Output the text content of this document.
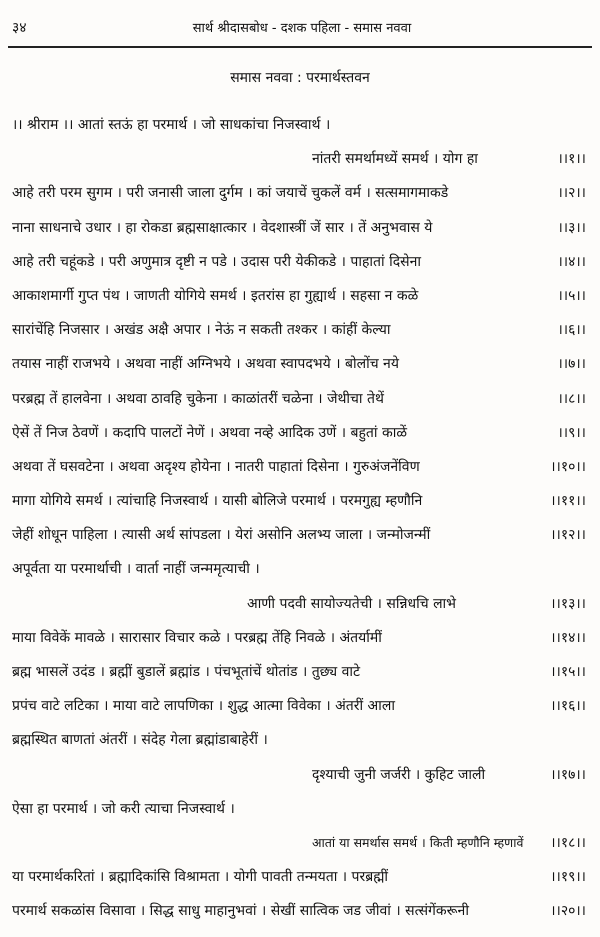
३४	सार्थ श्रीदासबोध - दशक पहिला - समास नववा
समास नववा : परमार्थस्तवन
।। श्रीराम ।। आतां स्तऊं हा परमार्थ । जो साधकांचा निजस्वार्थ ।
नांतरी समर्थामध्यें समर्थ । योग हा	।।१।।
आहे तरी परम सुगम । परी जनासी जाला दुर्गम । कां जयाचें चुकलें वर्म । सत्समागमाकडे	।।२।।
नाना साधनाचे उधार । हा रोकडा ब्रह्मसाक्षात्कार । वेदशास्त्रीं जें सार । तें अनुभवास ये	।।३।।
आहे तरी चहूंकडे । परी अणुमात्र दृष्टी न पडे । उदास परी येकीकडे । पाहातां दिसेना	।।४।।
आकाशमार्गी गुप्त पंथ । जाणती योगिये समर्थ । इतरांस हा गुह्यार्थ । सहसा न कळे	।।५।।
सारांचेंहि निजसार । अखंड अक्षै अपार । नेऊं न सकती तश्कर । कांहीं केल्या	।।६।।
तयास नाहीं राजभये । अथवा नाहीं अग्निभये । अथवा स्वापदभये । बोलोंच नये	।।७।।
परब्रह्म तें हालवेना । अथवा ठावहि चुकेना । काळांतरीं चळेना । जेथीचा तेथें	।।८।।
ऐसें तें निज ठेवणें । कदापि पालटों नेणें । अथवा नव्हे आदिक उणें । बहुतां काळें	।।९।।
अथवा तें घसवटेना । अथवा अदृश्य होयेना । नातरी पाहातां दिसेना । गुरुअंजनेंविण	।।१०।।
मागा योगिये समर्थ । त्यांचाहि निजस्वार्थ । यासी बोलिजे परमार्थ । परमगुह्य म्हणौनि	।।११।।
जेहीं शोधून पाहिला । त्यासी अर्थ सांपडला । येरां असोनि अलभ्य जाला । जन्मोजन्मीं	।।१२।।
अपूर्वता या परमार्थाची । वार्ता नाहीं जन्ममृत्याची ।
आणी पदवी सायोज्यतेची । सन्निधचि लाभे	।।१३।।
माया विवेकें मावळे । सारासार विचार कळे । परब्रह्म तेंहि निवळे । अंतर्यामीं	।।१४।।
ब्रह्म भासलें उदंड । ब्रह्मीं बुडालें ब्रह्मांड । पंचभूतांचें थोतांड । तुछ्य वाटे	।।१५।।
प्रपंच वाटे लटिका । माया वाटे लापणिका । शुद्ध आत्मा विवेका । अंतरीं आला	।।१६।।
ब्रह्मस्थित बाणतां अंतरीं । संदेह गेला ब्रह्मांडाबाहेरीं ।
दृश्याची जुनी जर्जरी । कुहिट जाली	।।१७।।
ऐसा हा परमार्थ । जो करी त्याचा निजस्वार्थ ।
आतां या समर्थास समर्थ । किती म्हणौनि म्हणावें ।।१८।।
या परमार्थकरितां । ब्रह्मादिकांसि विश्रामता । योगी पावती तन्मयता । परब्रह्मीं	।।१९।।
परमार्थ सकळांस विसावा । सिद्ध साधु माहानुभवां । सेखीं सात्विक जड जीवां । सत्संगेंकरूनी	।।२०।।
